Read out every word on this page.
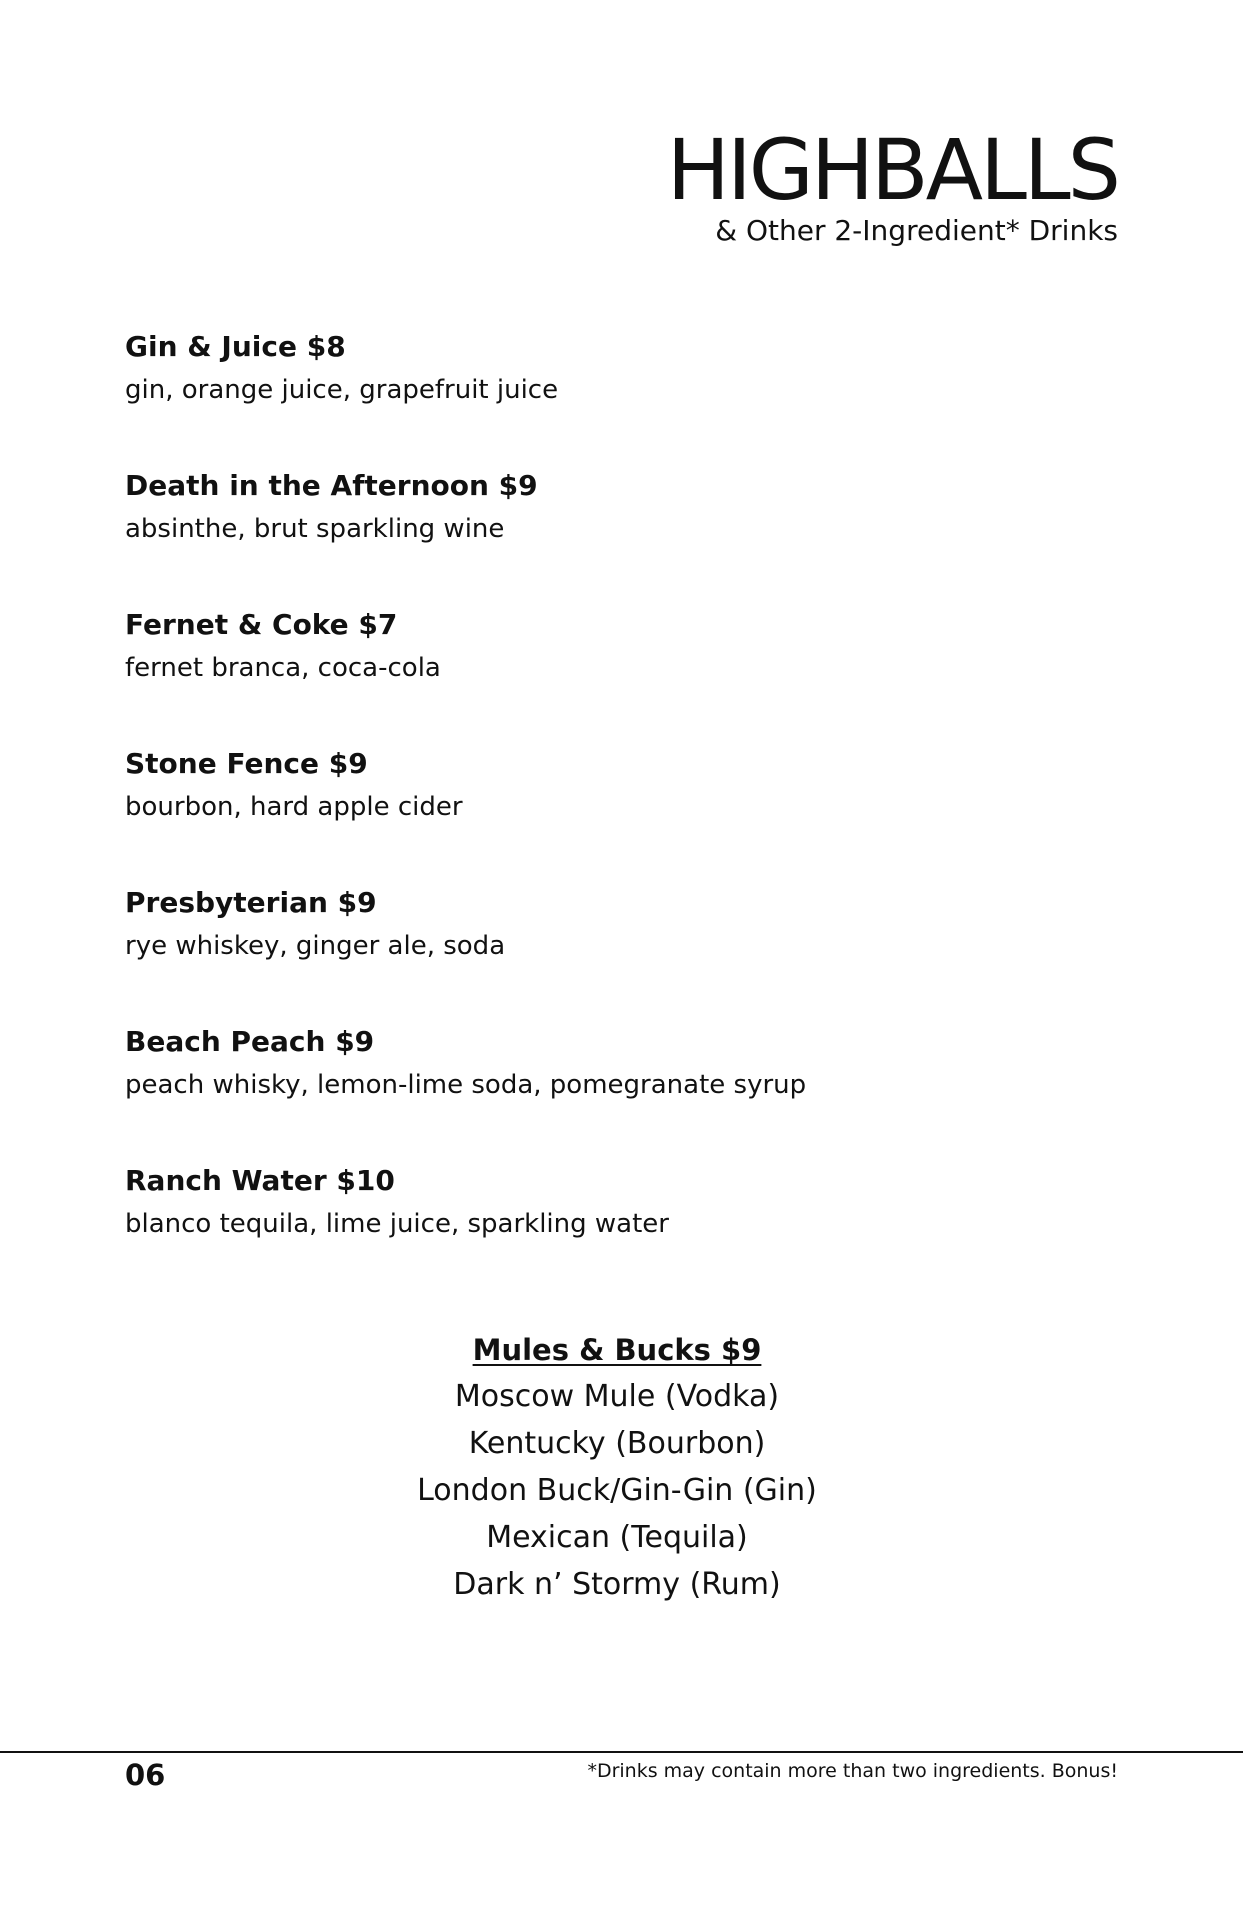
HIGHBALLS
& Other 2-Ingredient* Drinks
Gin & Juice $8
gin, orange juice, grapefruit juice
Death in the Afternoon $9
absinthe, brut sparkling wine
Fernet & Coke $7
fernet branca, coca-cola
Stone Fence $9
bourbon, hard apple cider
Presbyterian $9
rye whiskey, ginger ale, soda
Beach Peach $9
peach whisky, lemon-lime soda, pomegranate syrup
Ranch Water $10
blanco tequila, lime juice, sparkling water
Mules & Bucks $9
Moscow Mule (Vodka)
Kentucky (Bourbon)
London Buck/Gin-Gin (Gin)
Mexican (Tequila)
Dark n’ Stormy (Rum)
06	*Drinks may contain more than two ingredients. Bonus!
